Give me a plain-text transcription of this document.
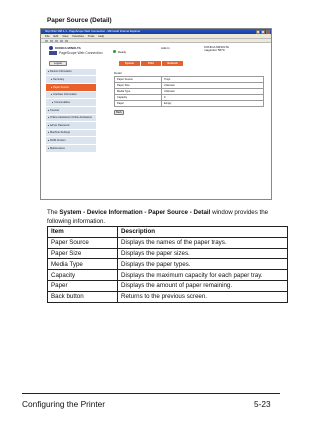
Paper Source (Detail)
http://192.168.1.1 - PageScope Web Connection - Microsoft Internet Explorer
File Edit View Favorites Tools Help
KONICA MINOLTA
PageScope Web Connection	Ready
Admin	KONICA MINOLTA
magicolor 5570
Logout	System	Print	Network
▸ Device Information
▸ Summary
▸ Paper Source
▸ Interface Information
▸ Consumables
▸ Counter
▸ Online Assistance Online Assistance
▸ Admin Password
▸ Machine Settings
▸ ROM Version
▸ Maintenance
Detail
Paper Source	Tray1
Paper Size	Unknown
Media Type	Unknown
Capacity	0
Paper	Empty
Back

The System - Device Information - Paper Source - Detail window provides the following information.

Item	Description
Paper Source	Displays the names of the paper trays.
Paper Size	Displays the paper sizes.
Media Type	Displays the paper types.
Capacity	Displays the maximum capacity for each paper tray.
Paper	Displays the amount of paper remaining.
Back button	Returns to the previous screen.
Configuring the Printer	5-23
